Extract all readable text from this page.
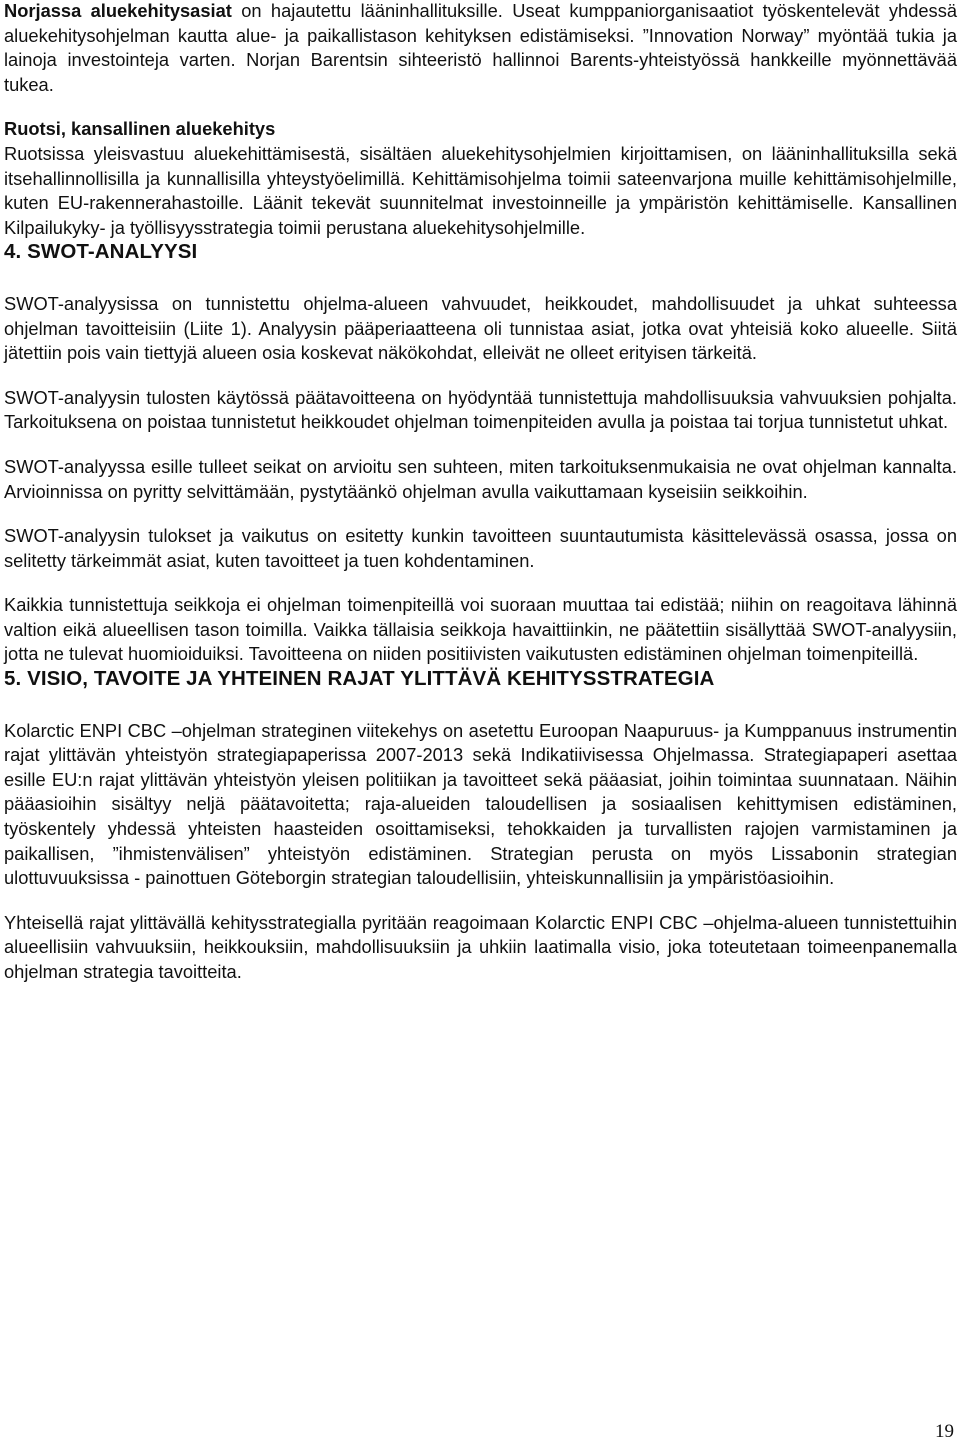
Norjassa aluekehitysasiat on hajautettu lääninhallituksille. Useat kumppaniorganisaatiot työskentelevät yhdessä aluekehitysohjelman kautta alue- ja paikallistason kehityksen edistämiseksi. ”Innovation Norway” myöntää tukia ja lainoja investointeja varten. Norjan Barentsin sihteeristö hallinnoi Barents-yhteistyössä hankkeille myönnettävää tukea.

Ruotsi, kansallinen aluekehitys

Ruotsissa yleisvastuu aluekehittämisestä, sisältäen aluekehitysohjelmien kirjoittamisen, on lääninhallituksilla sekä itsehallinnollisilla ja kunnallisilla yhteystyöelimillä. Kehittämisohjelma toimii sateenvarjona muille kehittämisohjelmille, kuten EU-rakennerahastoille. Läänit tekevät suunnitelmat investoinneille ja ympäristön kehittämiselle. Kansallinen Kilpailukyky- ja työllisyysstrategia toimii perustana aluekehitysohjelmille.

4. SWOT-ANALYYSI

SWOT-analyysissa on tunnistettu ohjelma-alueen vahvuudet, heikkoudet, mahdollisuudet ja uhkat suhteessa ohjelman tavoitteisiin (Liite 1). Analyysin pääperiaatteena oli tunnistaa asiat, jotka ovat yhteisiä koko alueelle. Siitä jätettiin pois vain tiettyjä alueen osia koskevat näkökohdat, elleivät ne olleet erityisen tärkeitä.

SWOT-analyysin tulosten käytössä päätavoitteena on hyödyntää tunnistettuja mahdollisuuksia vahvuuksien pohjalta. Tarkoituksena on poistaa tunnistetut heikkoudet ohjelman toimenpiteiden avulla ja poistaa tai torjua tunnistetut uhkat.

SWOT-analyyssa esille tulleet seikat on arvioitu sen suhteen, miten tarkoituksenmukaisia ne ovat ohjelman kannalta. Arvioinnissa on pyritty selvittämään, pystytäänkö ohjelman avulla vaikuttamaan kyseisiin seikkoihin.

SWOT-analyysin tulokset ja vaikutus on esitetty kunkin tavoitteen suuntautumista käsittelevässä osassa, jossa on selitetty tärkeimmät asiat, kuten tavoitteet ja tuen kohdentaminen.

Kaikkia tunnistettuja seikkoja ei ohjelman toimenpiteillä voi suoraan muuttaa tai edistää; niihin on reagoitava lähinnä valtion eikä alueellisen tason toimilla. Vaikka tällaisia seikkoja havaittiinkin, ne päätettiin sisällyttää SWOT-analyysiin, jotta ne tulevat huomioiduiksi. Tavoitteena on niiden positiivisten vaikutusten edistäminen ohjelman toimenpiteillä.

5. VISIO, TAVOITE JA YHTEINEN RAJAT YLITTÄVÄ KEHITYSSTRATEGIA

Kolarctic ENPI CBC –ohjelman strateginen viitekehys on asetettu Euroopan Naapuruus- ja Kumppanuus instrumentin rajat ylittävän yhteistyön strategiapaperissa 2007-2013 sekä Indikatiivisessa Ohjelmassa. Strategiapaperi asettaa esille EU:n rajat ylittävän yhteistyön yleisen politiikan ja tavoitteet sekä pääasiat, joihin toimintaa suunnataan. Näihin pääasioihin sisältyy neljä päätavoitetta; raja-alueiden taloudellisen ja sosiaalisen kehittymisen edistäminen, työskentely yhdessä yhteisten haasteiden osoittamiseksi, tehokkaiden ja turvallisten rajojen varmistaminen ja paikallisen, ”ihmistenvälisen” yhteistyön edistäminen. Strategian perusta on myös Lissabonin strategian ulottuvuuksissa - painottuen Göteborgin strategian taloudellisiin, yhteiskunnallisiin ja ympäristöasioihin.

Yhteisellä rajat ylittävällä kehitysstrategialla pyritään reagoimaan Kolarctic ENPI CBC –ohjelma-alueen tunnistettuihin alueellisiin vahvuuksiin, heikkouksiin, mahdollisuuksiin ja uhkiin laatimalla visio, joka toteutetaan toimeenpanemalla ohjelman strategia tavoitteita.

19
